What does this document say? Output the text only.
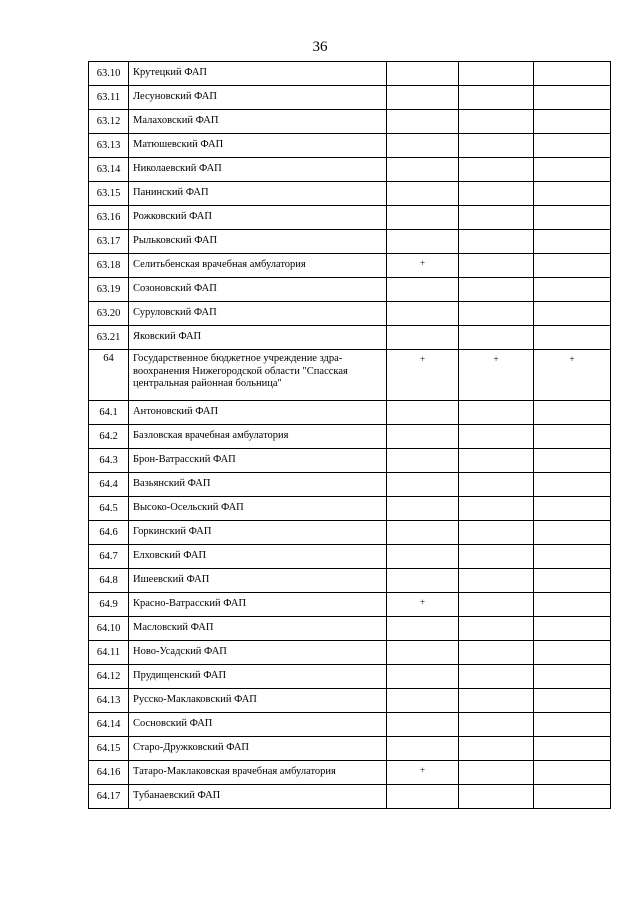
36
63.10	Крутецкий ФАП			
63.11	Лесуновский ФАП			
63.12	Малаховский ФАП			
63.13	Матюшевский ФАП			
63.14	Николаевский ФАП			
63.15	Панинский ФАП			
63.16	Рожковский ФАП			
63.17	Рыльковский ФАП			
63.18	Селитьбенская врачебная амбулатория	+		
63.19	Созоновский ФАП			
63.20	Суруловский ФАП			
63.21	Яковский ФАП			
64	Государственное бюджетное учреждение здра-
воохранения Нижегородской области "Спасская
центральная районная больница"	+	+	+
64.1	Антоновский ФАП			
64.2	Базловская врачебная амбулатория			
64.3	Брон-Ватрасский ФАП			
64.4	Вазьянский ФАП			
64.5	Высоко-Осельский ФАП			
64.6	Горкинский ФАП			
64.7	Елховский ФАП			
64.8	Ишеевский ФАП			
64.9	Красно-Ватрасский ФАП	+		
64.10	Масловский ФАП			
64.11	Ново-Усадский ФАП			
64.12	Прудищенский ФАП			
64.13	Русско-Маклаковский ФАП			
64.14	Сосновский ФАП			
64.15	Старо-Дружковский ФАП			
64.16	Татаро-Маклаковская врачебная амбулатория	+		
64.17	Тубанаевский ФАП			
